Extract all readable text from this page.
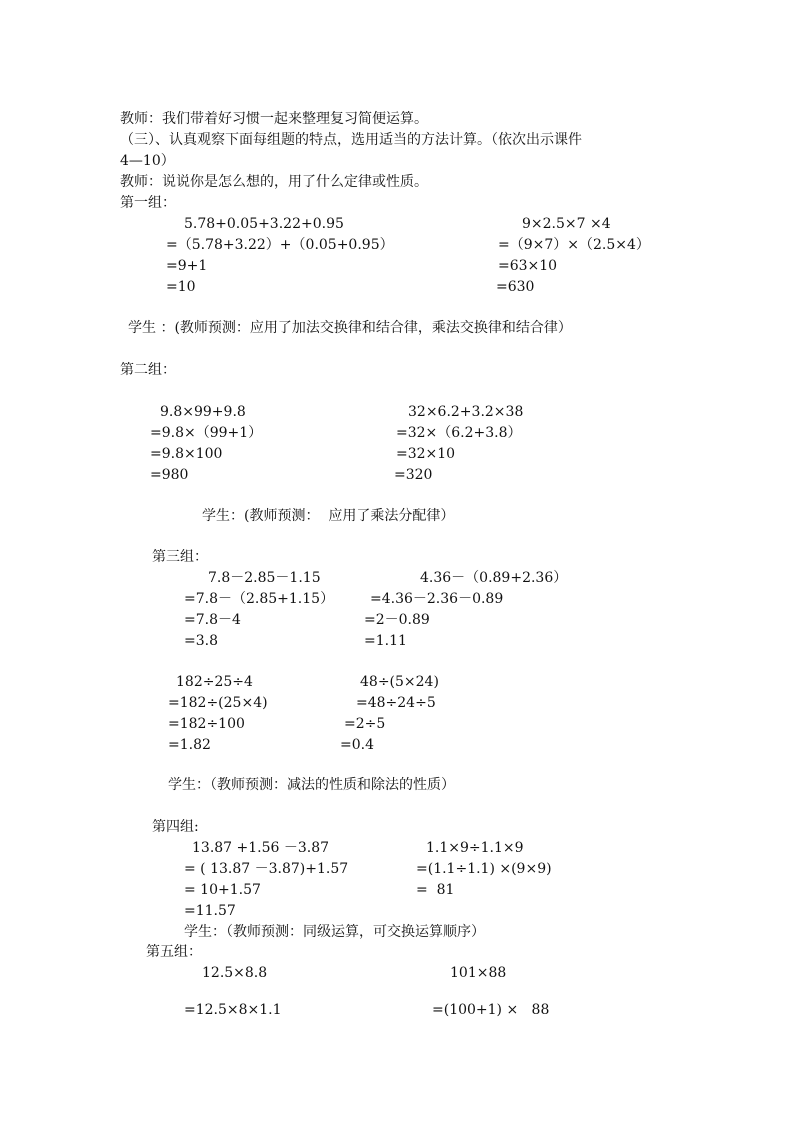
教师：我们带着好习惯一起来整理复习简便运算。
（三）、认真观察下面每组题的特点，选用适当的方法计算。（依次出示课件
4—10）
教师：说说你是怎么想的，用了什么定律或性质。
第一组：
5.78+0.05+3.22+0.95
=（5.78+3.22）+（0.05+0.95）
=9+1
=10
9×2.5×7 ×4
=（9×7）×（2.5×4）
=63×10
=630
学生 ：(教师预测：应用了加法交换律和结合律，乘法交换律和结合律）
第二组：
9.8×99+9.8
=9.8×（99+1）
=9.8×100
=980
32×6.2+3.2×38
=32×（6.2+3.8）
=32×10
=320
学生：(教师预测：  应用了乘法分配律）
第三组：
7.8－2.85－1.15
=7.8－（2.85+1.15）
=7.8－4
=3.8
4.36－（0.89+2.36）
=4.36－2.36－0.89
=2－0.89
=1.11
182÷25÷4
=182÷(25×4)
=182÷100
=1.82
48÷(5×24)
=48÷24÷5
=2÷5
=0.4
学生：（教师预测：减法的性质和除法的性质）
第四组:
13.87 +1.56 －3.87
= ( 13.87 －3.87)+1.57
= 10+1.57
=11.57
1.1×9÷1.1×9
=(1.1÷1.1) ×(9×9)
=  81
学生：（教师预测：同级运算，可交换运算顺序）
第五组：
12.5×8.8
=12.5×8×1.1
101×88
=(100+1) ×   88
